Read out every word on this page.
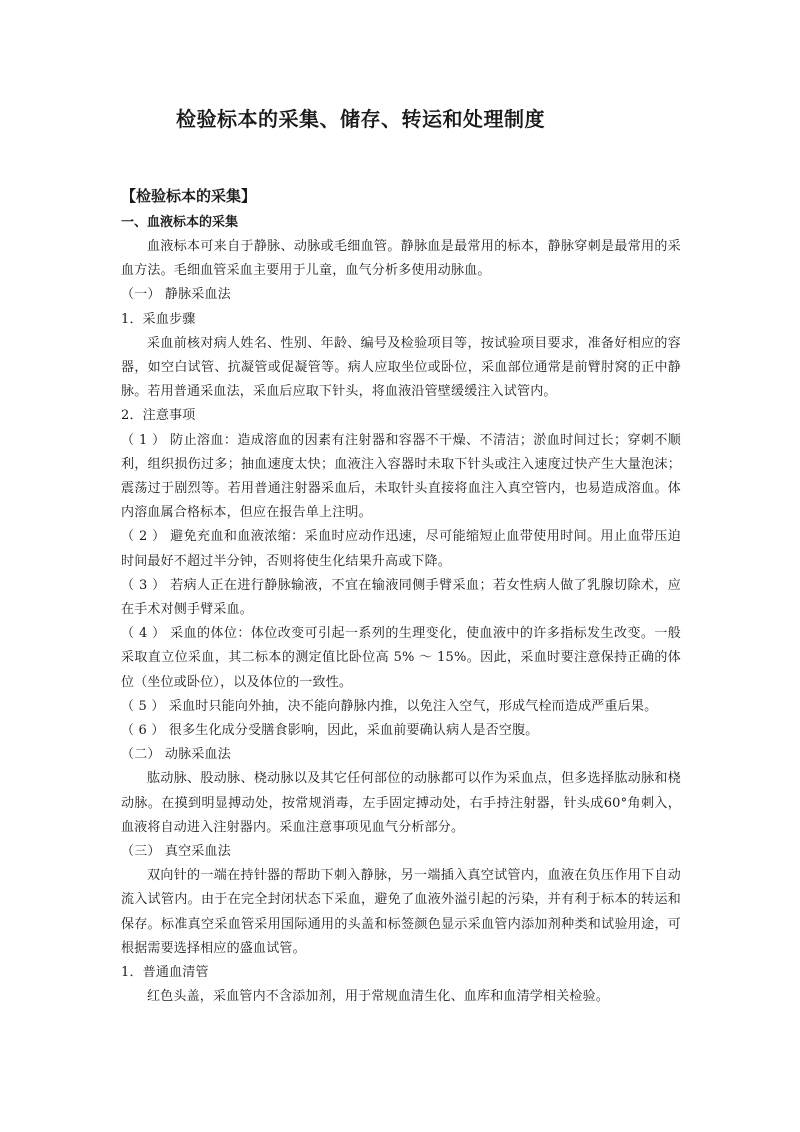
检验标本的采集、储存、转运和处理制度
【检验标本的采集】
一、血液标本的采集

血液标本可来自于静脉、动脉或毛细血管。静脉血是最常用的标本，静脉穿刺是最常用的采血方法。毛细血管采血主要用于儿童，血气分析多使用动脉血。

（一） 静脉采血法

1．采血步骤

采血前核对病人姓名、性别、年龄、编号及检验项目等，按试验项目要求，准备好相应的容器，如空白试管、抗凝管或促凝管等。病人应取坐位或卧位，采血部位通常是前臂肘窝的正中静脉。若用普通采血法，采血后应取下针头，将血液沿管壁缓缓注入试管内。

2．注意事项

（ 1 ） 防止溶血：造成溶血的因素有注射器和容器不干燥、不清洁；淤血时间过长；穿刺不顺利，组织损伤过多；抽血速度太快；血液注入容器时未取下针头或注入速度过快产生大量泡沫；震荡过于剧烈等。若用普通注射器采血后，未取针头直接将血注入真空管内，也易造成溶血。体内溶血属合格标本，但应在报告单上注明。

（ 2 ） 避免充血和血液浓缩：采血时应动作迅速，尽可能缩短止血带使用时间。用止血带压迫时间最好不超过半分钟，否则将使生化结果升高或下降。

（ 3 ） 若病人正在进行静脉输液，不宜在输液同侧手臂采血；若女性病人做了乳腺切除术，应在手术对侧手臂采血。

（ 4 ） 采血的体位：体位改变可引起一系列的生理变化，使血液中的许多指标发生改变。一般采取直立位采血，其二标本的测定值比卧位高 5% ～ 15%。因此，采血时要注意保持正确的体位（坐位或卧位），以及体位的一致性。

（ 5 ） 采血时只能向外抽，决不能向静脉内推，以免注入空气，形成气栓而造成严重后果。

（ 6 ） 很多生化成分受膳食影响，因此，采血前要确认病人是否空腹。

（二） 动脉采血法

肱动脉、股动脉、桡动脉以及其它任何部位的动脉都可以作为采血点，但多选择肱动脉和桡动脉。在摸到明显搏动处，按常规消毒，左手固定搏动处，右手持注射器，针头成60°角刺入，血液将自动进入注射器内。采血注意事项见血气分析部分。

（三） 真空采血法

双向针的一端在持针器的帮助下刺入静脉，另一端插入真空试管内，血液在负压作用下自动流入试管内。由于在完全封闭状态下采血，避免了血液外溢引起的污染，并有利于标本的转运和保存。标准真空采血管采用国际通用的头盖和标签颜色显示采血管内添加剂种类和试验用途，可根据需要选择相应的盛血试管。

1．普通血清管

红色头盖，采血管内不含添加剂，用于常规血清生化、血库和血清学相关检验。
